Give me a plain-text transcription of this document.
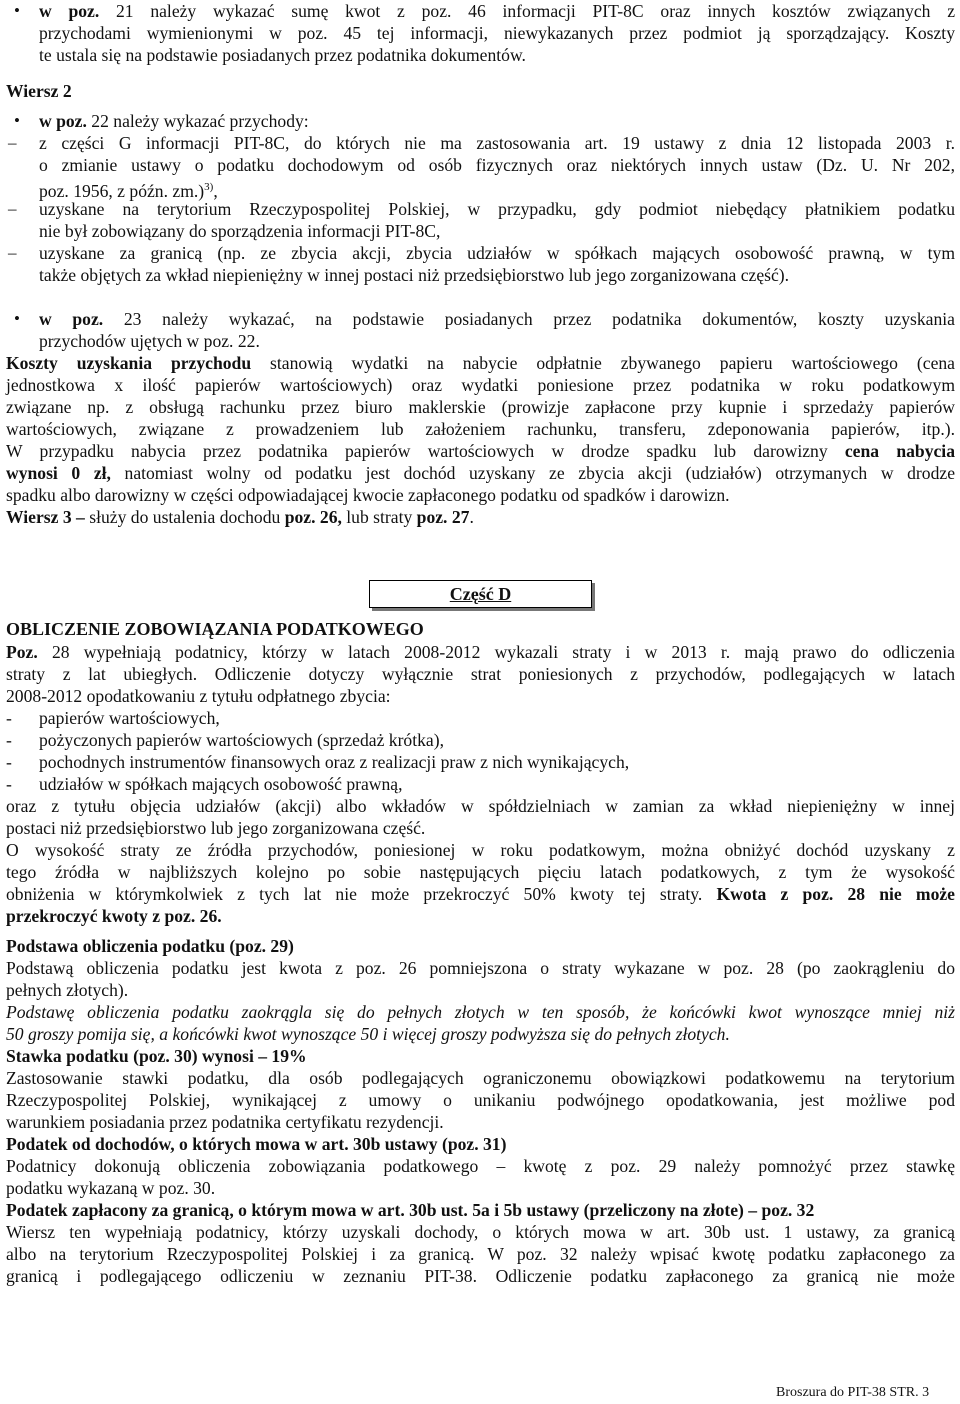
•
•
•
–
–
–
w poz. 21 należy wykazać sumę kwot z poz. 46 informacji PIT-8C oraz innych kosztów związanych z
przychodami wymienionymi w poz. 45 tej informacji, niewykazanych przez podmiot ją sporządzający. Koszty
te ustala się na podstawie posiadanych przez podatnika dokumentów.
Wiersz 2
w poz. 22 należy wykazać przychody:
z części G informacji PIT-8C, do których nie ma zastosowania art. 19 ustawy z dnia 12 listopada 2003 r.
o zmianie ustawy o podatku dochodowym od osób fizycznych oraz niektórych innych ustaw (Dz. U. Nr 202,
poz. 1956, z późn. zm.)$^{3)}$,
uzyskane na terytorium Rzeczypospolitej Polskiej, w przypadku, gdy podmiot niebędący płatnikiem podatku
nie był zobowiązany do sporządzenia informacji PIT-8C,
uzyskane za granicą (np. ze zbycia akcji, zbycia udziałów w spółkach mających osobowość prawną, w tym
także objętych za wkład niepieniężny w innej postaci niż przedsiębiorstwo lub jego zorganizowana część).
w poz. 23 należy wykazać, na podstawie posiadanych przez podatnika dokumentów, koszty uzyskania
przychodów ujętych w poz. 22.
Koszty uzyskania przychodu stanowią wydatki na nabycie odpłatnie zbywanego papieru wartościowego (cena
jednostkowa x ilość papierów wartościowych) oraz wydatki poniesione przez podatnika w roku podatkowym
związane np. z obsługą rachunku przez biuro maklerskie (prowizje zapłacone przy kupnie i sprzedaży papierów
wartościowych, związane z prowadzeniem lub założeniem rachunku, transferu, zdeponowania papierów, itp.).
W przypadku nabycia przez podatnika papierów wartościowych w drodze spadku lub darowizny cena nabycia
wynosi 0 zł, natomiast wolny od podatku jest dochód uzyskany ze zbycia akcji (udziałów) otrzymanych w drodze
spadku albo darowizny w części odpowiadającej kwocie zapłaconego podatku od spadków i darowizn.
Wiersz 3 – służy do ustalenia dochodu poz. 26, lub straty poz. 27.
Część D
OBLICZENIE ZOBOWIĄZANIA PODATKOWEGO
Poz. 28 wypełniają podatnicy, którzy w latach 2008-2012 wykazali straty i w 2013 r. mają prawo do odliczenia
straty z lat ubiegłych. Odliczenie dotyczy wyłącznie strat poniesionych z przychodów, podlegających w latach
2008-2012 opodatkowaniu z tytułu odpłatnego zbycia:
- papierów wartościowych,
- pożyczonych papierów wartościowych (sprzedaż krótka),
- pochodnych instrumentów finansowych oraz z realizacji praw z nich wynikających,
- udziałów w spółkach mających osobowość prawną,
oraz z tytułu objęcia udziałów (akcji) albo wkładów w spółdzielniach w zamian za wkład niepieniężny w innej
postaci niż przedsiębiorstwo lub jego zorganizowana część.
O wysokość straty ze źródła przychodów, poniesionej w roku podatkowym, można obniżyć dochód uzyskany z
tego źródła w najbliższych kolejno po sobie następujących pięciu latach podatkowych, z tym że wysokość
obniżenia w którymkolwiek z tych lat nie może przekroczyć 50% kwoty tej straty. Kwota z poz. 28 nie może
przekroczyć kwoty z poz. 26.
Podstawa obliczenia podatku (poz. 29)
Podstawą obliczenia podatku jest kwota z poz. 26 pomniejszona o straty wykazane w poz. 28 (po zaokrągleniu do
pełnych złotych).
Podstawę obliczenia podatku zaokrągla się do pełnych złotych w ten sposób, że końcówki kwot wynoszące mniej niż
50 groszy pomija się, a końcówki kwot wynoszące 50 i więcej groszy podwyższa się do pełnych złotych.
Stawka podatku (poz. 30) wynosi – 19%
Zastosowanie stawki podatku, dla osób podlegających ograniczonemu obowiązkowi podatkowemu na terytorium
Rzeczypospolitej Polskiej, wynikającej z umowy o unikaniu podwójnego opodatkowania, jest możliwe pod
warunkiem posiadania przez podatnika certyfikatu rezydencji.
Podatek od dochodów, o których mowa w art. 30b ustawy (poz. 31)
Podatnicy dokonują obliczenia zobowiązania podatkowego – kwotę z poz. 29 należy pomnożyć przez stawkę
podatku wykazaną w poz. 30.
Podatek zapłacony za granicą, o którym mowa w art. 30b ust. 5a i 5b ustawy (przeliczony na złote) – poz. 32
Wiersz ten wypełniają podatnicy, którzy uzyskali dochody, o których mowa w art. 30b ust. 1 ustawy, za granicą
albo na terytorium Rzeczypospolitej Polskiej i za granicą. W poz. 32 należy wpisać kwotę podatku zapłaconego za
granicą i podlegającego odliczeniu w zeznaniu PIT-38. Odliczenie podatku zapłaconego za granicą nie może
Broszura do PIT-38 STR. 3
